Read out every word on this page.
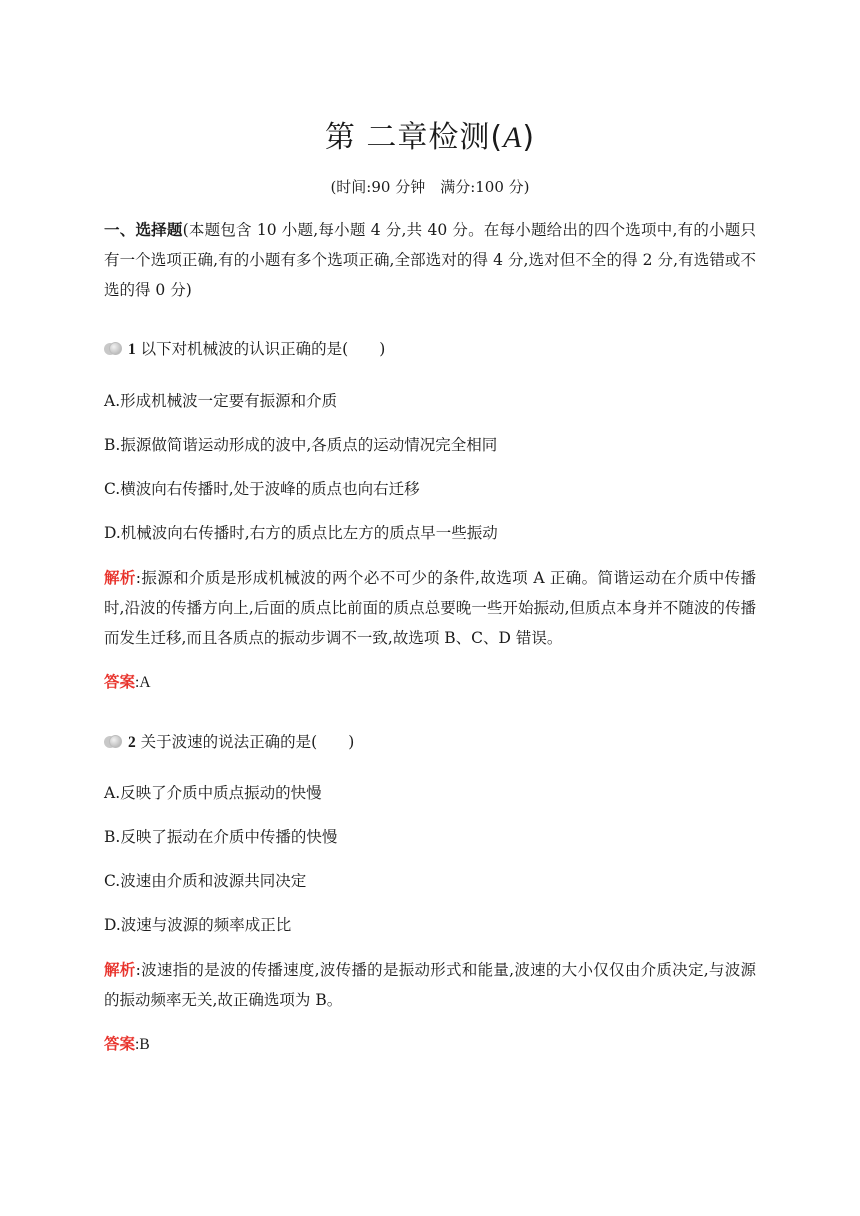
第 二章检测(A)
(时间:90 分钟　满分:100 分)
一、选择题(本题包含 10 小题,每小题 4 分,共 40 分。在每小题给出的四个选项中,有的小题只有一个选项正确,有的小题有多个选项正确,全部选对的得 4 分,选对但不全的得 2 分,有选错或不选的得 0 分)
1 以下对机械波的认识正确的是(　　)
A.形成机械波一定要有振源和介质
B.振源做简谐运动形成的波中,各质点的运动情况完全相同
C.横波向右传播时,处于波峰的质点也向右迁移
D.机械波向右传播时,右方的质点比左方的质点早一些振动
解析:振源和介质是形成机械波的两个必不可少的条件,故选项 A 正确。简谐运动在介质中传播时,沿波的传播方向上,后面的质点比前面的质点总要晚一些开始振动,但质点本身并不随波的传播而发生迁移,而且各质点的振动步调不一致,故选项 B、C、D 错误。
答案:A
2 关于波速的说法正确的是(　　)
A.反映了介质中质点振动的快慢
B.反映了振动在介质中传播的快慢
C.波速由介质和波源共同决定
D.波速与波源的频率成正比
解析:波速指的是波的传播速度,波传播的是振动形式和能量,波速的大小仅仅由介质决定,与波源的振动频率无关,故正确选项为 B。
答案:B
